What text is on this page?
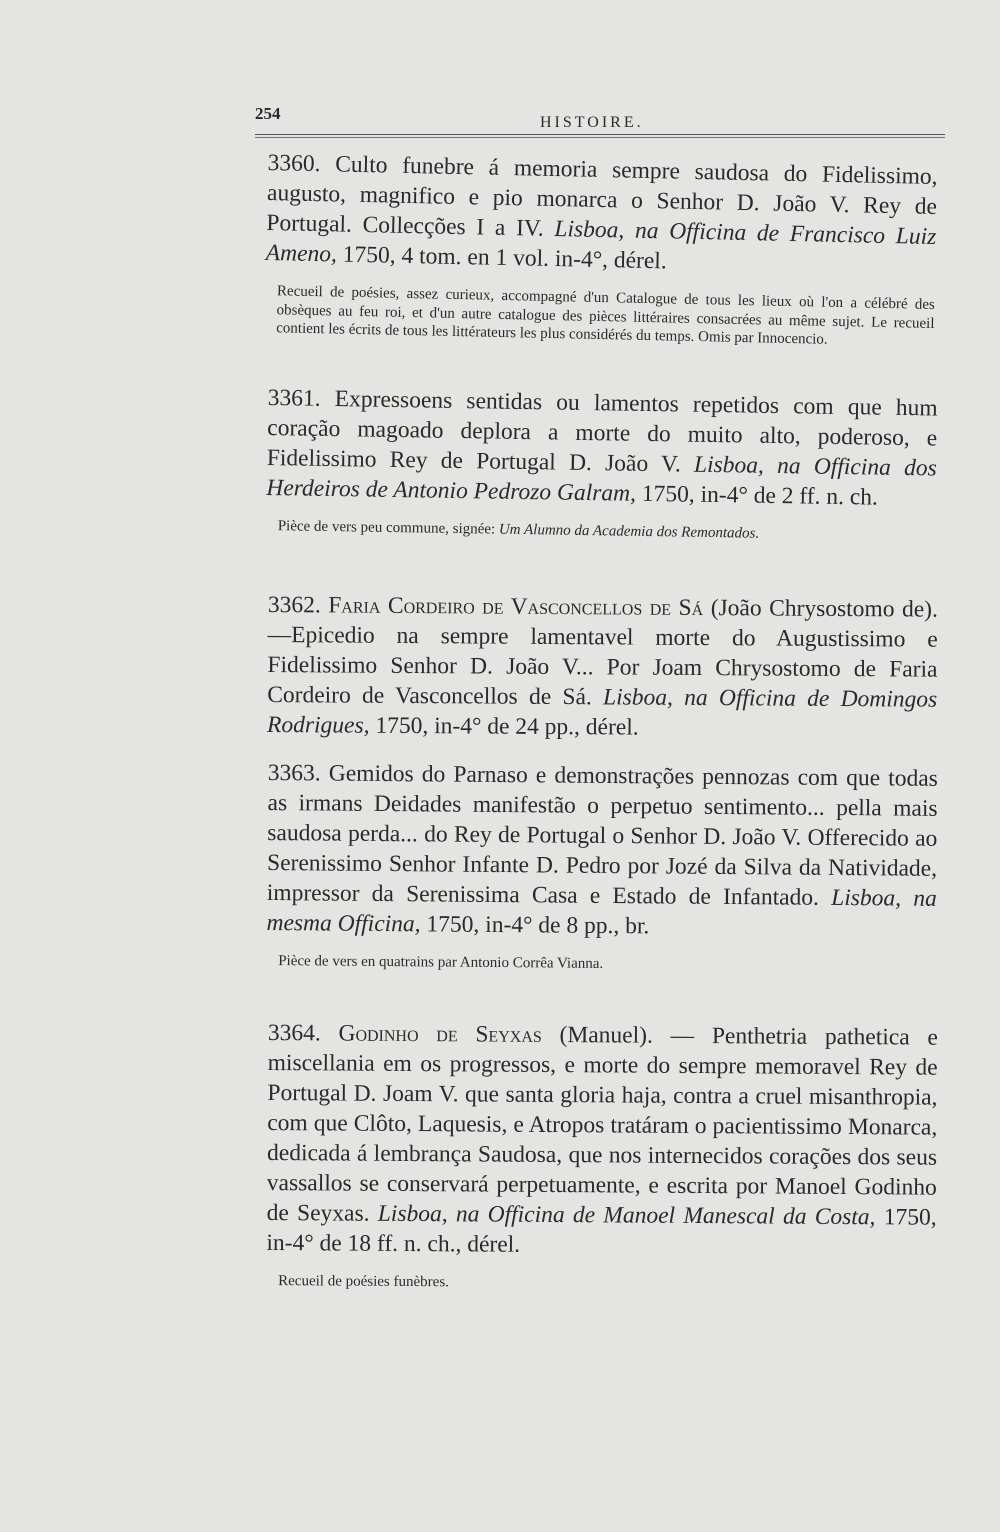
254	HISTOIRE.

3360. Culto funebre á memoria sempre saudosa do Fidelissimo, augusto, magnifico e pio monarca o Senhor D. João V. Rey de Portugal. Collecções I a IV. Lisboa, na Officina de Francisco Luiz Ameno, 1750, 4 tom. en 1 vol. in-4°, dérel.

Recueil de poésies, assez curieux, accompagné d'un Catalogue de tous les lieux où l'on a célébré des obsèques au feu roi, et d'un autre catalogue des pièces littéraires consacrées au même sujet. Le recueil contient les écrits de tous les littérateurs les plus considérés du temps. Omis par Innocencio.

3361. Expressoens sentidas ou lamentos repetidos com que hum coração magoado deplora a morte do muito alto, poderoso, e Fidelissimo Rey de Portugal D. João V. Lisboa, na Officina dos Herdeiros de Antonio Pedrozo Galram, 1750, in-4° de 2 ff. n. ch.

Pièce de vers peu commune, signée: Um Alumno da Academia dos Remontados.

3362. Faria Cordeiro de Vasconcellos de Sá (João Chrysostomo de). —Epicedio na sempre lamentavel morte do Augustissimo e Fidelissimo Senhor D. João V... Por Joam Chrysostomo de Faria Cordeiro de Vasconcellos de Sá. Lisboa, na Officina de Domingos Rodrigues, 1750, in-4° de 24 pp., dérel.

3363. Gemidos do Parnaso e demonstrações pennozas com que todas as irmans Deidades manifestão o perpetuo sentimento... pella mais saudosa perda... do Rey de Portugal o Senhor D. João V. Offerecido ao Serenissimo Senhor Infante D. Pedro por Jozé da Silva da Natividade, impressor da Serenissima Casa e Estado de Infantado. Lisboa, na mesma Officina, 1750, in-4° de 8 pp., br.

Pièce de vers en quatrains par Antonio Corrêa Vianna.

3364. Godinho de Seyxas (Manuel). — Penthetria pathetica e miscellania em os progressos, e morte do sempre memoravel Rey de Portugal D. Joam V. que santa gloria haja, contra a cruel misanthropia, com que Clôto, Laquesis, e Atropos tratáram o pacientissimo Monarca, dedicada á lembrança Saudosa, que nos internecidos corações dos seus vassallos se conservará perpetuamente, e escrita por Manoel Godinho de Seyxas. Lisboa, na Officina de Manoel Manescal da Costa, 1750, in-4° de 18 ff. n. ch., dérel.

Recueil de poésies funèbres.
